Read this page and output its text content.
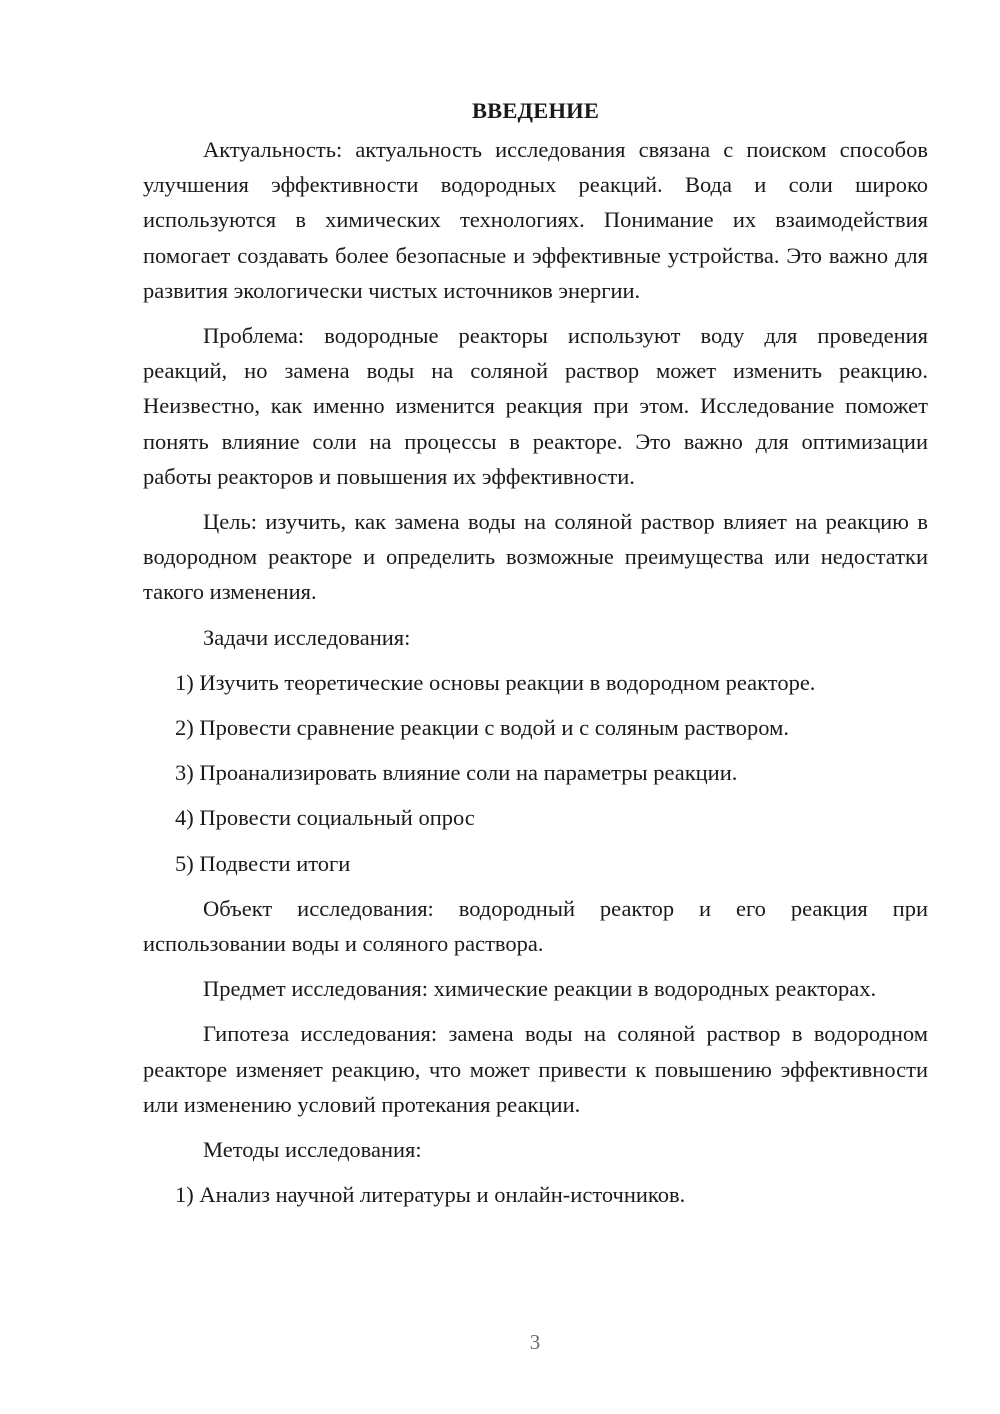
ВВЕДЕНИЕ

Актуальность: актуальность исследования связана с поиском способов улучшения эффективности водородных реакций. Вода и соли широко используются в химических технологиях. Понимание их взаимодействия помогает создавать более безопасные и эффективные устройства. Это важно для развития экологически чистых источников энергии.

Проблема: водородные реакторы используют воду для проведения реакций, но замена воды на соляной раствор может изменить реакцию. Неизвестно, как именно изменится реакция при этом. Исследование поможет понять влияние соли на процессы в реакторе. Это важно для оптимизации работы реакторов и повышения их эффективности.

Цель: изучить, как замена воды на соляной раствор влияет на реакцию в водородном реакторе и определить возможные преимущества или недостатки такого изменения.

Задачи исследования:

1) Изучить теоретические основы реакции в водородном реакторе.

2) Провести сравнение реакции с водой и с соляным раствором.

3) Проанализировать влияние соли на параметры реакции.

4) Провести социальный опрос

5) Подвести итоги

Объект исследования: водородный реактор и его реакция при использовании воды и соляного раствора.

Предмет исследования: химические реакции в водородных реакторах.

Гипотеза исследования: замена воды на соляной раствор в водородном реакторе изменяет реакцию, что может привести к повышению эффективности или изменению условий протекания реакции.

Методы исследования:

1) Анализ научной литературы и онлайн-источников.

3
